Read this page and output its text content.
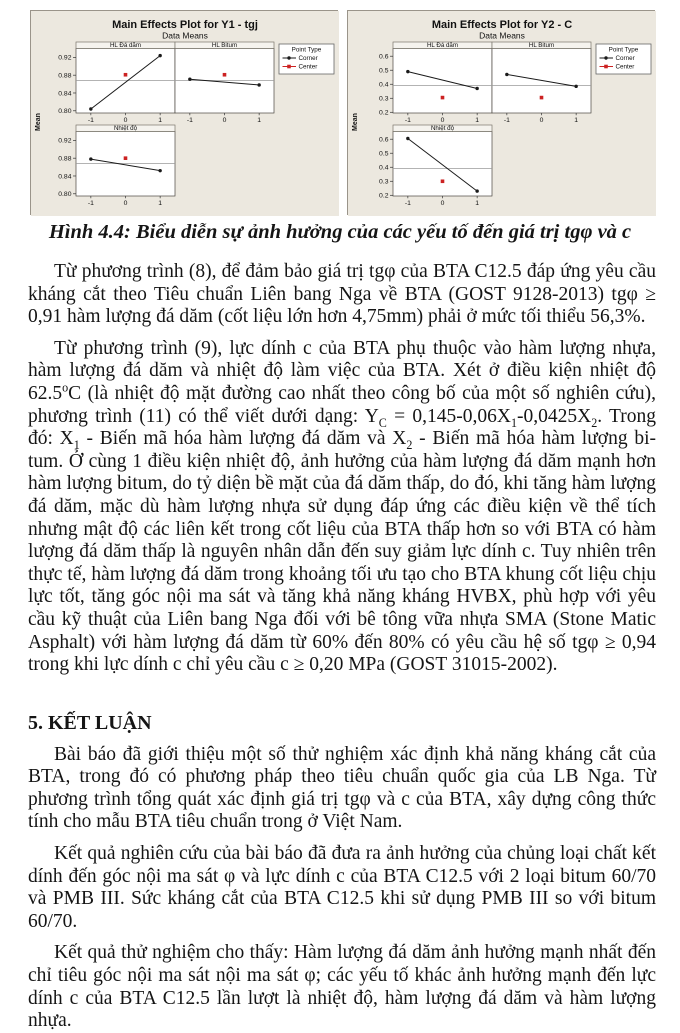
Main Effects Plot for Y1 - tgj
Data Means
HL Đá dăm	HL Bitum
0.92
0.88
0.84
0.80
-1	0	1	-1	0	1
Nhiệt độ
0.92
0.88
0.84
0.80
-1	0	1
Mean
Point Type
Corner
Center
Main Effects Plot for Y2 - C
Data Means
HL Đá dăm	HL Bitum
0.6
0.5
0.4
0.3
0.2
-1	0	1	-1	0	1
Nhiệt độ
0.6
0.5
0.4
0.3
0.2
-1	0	1
Mean
Point Type
Corner
Center
Hình 4.4: Biểu diễn sự ảnh hưởng của các yếu tố đến giá trị tgφ và c

Từ phương trình (8), để đảm bảo giá trị tgφ của BTA C12.5 đáp ứng yêu cầu kháng cắt theo Tiêu chuẩn Liên bang Nga về BTA (GOST 9128-2013) tgφ ≥ 0,91 hàm lượng đá dăm (cốt liệu lớn hơn 4,75mm) phải ở mức tối thiểu 56,3%.

Từ phương trình (9), lực dính c của BTA phụ thuộc vào hàm lượng nhựa, hàm lượng đá dăm và nhiệt độ làm việc của BTA. Xét ở điều kiện nhiệt độ 62.5$^o$C (là nhiệt độ mặt đường cao nhất theo công bố của một số nghiên cứu), phương trình (11) có thể viết dưới dạng: $Y_C = 0,145-0,06X_1-0,0425X_2$. Trong đó: $X_1$ - Biến mã hóa hàm lượng đá dăm và $X_2$ - Biến mã hóa hàm lượng bi-tum. Ở cùng 1 điều kiện nhiệt độ, ảnh hưởng của hàm lượng đá dăm mạnh hơn hàm lượng bitum, do tỷ diện bề mặt của đá dăm thấp, do đó, khi tăng hàm lượng đá dăm, mặc dù hàm lượng nhựa sử dụng đáp ứng các điều kiện về thể tích nhưng mật độ các liên kết trong cốt liệu của BTA thấp hơn so với BTA có hàm lượng đá dăm thấp là nguyên nhân dẫn đến suy giảm lực dính c. Tuy nhiên trên thực tế, hàm lượng đá dăm trong khoảng tối ưu tạo cho BTA khung cốt liệu chịu lực tốt, tăng góc nội ma sát và tăng khả năng kháng HVBX, phù hợp với yêu cầu kỹ thuật của Liên bang Nga đối với bê tông vữa nhựa SMA (Stone Matic Asphalt) với hàm lượng đá dăm từ 60% đến 80% có yêu cầu hệ số tgφ ≥ 0,94 trong khi lực dính c chỉ yêu cầu c ≥ 0,20 MPa (GOST 31015-2002).

5. KẾT LUẬN

Bài báo đã giới thiệu một số thử nghiệm xác định khả năng kháng cắt của BTA, trong đó có phương pháp theo tiêu chuẩn quốc gia của LB Nga. Từ phương trình tổng quát xác định giá trị tgφ và c của BTA, xây dựng công thức tính cho mẫu BTA tiêu chuẩn trong ở Việt Nam.

Kết quả nghiên cứu của bài báo đã đưa ra ảnh hưởng của chủng loại chất kết dính đến góc nội ma sát φ và lực dính c của BTA C12.5 với 2 loại bitum 60/70 và PMB III. Sức kháng cắt của BTA C12.5 khi sử dụng PMB III so với bitum 60/70.

Kết quả thử nghiệm cho thấy: Hàm lượng đá dăm ảnh hưởng mạnh nhất đến chỉ tiêu góc nội ma sát nội ma sát φ; các yếu tố khác ảnh hưởng mạnh đến lực dính c của BTA C12.5 lần lượt là nhiệt độ, hàm lượng đá dăm và hàm lượng nhựa.
